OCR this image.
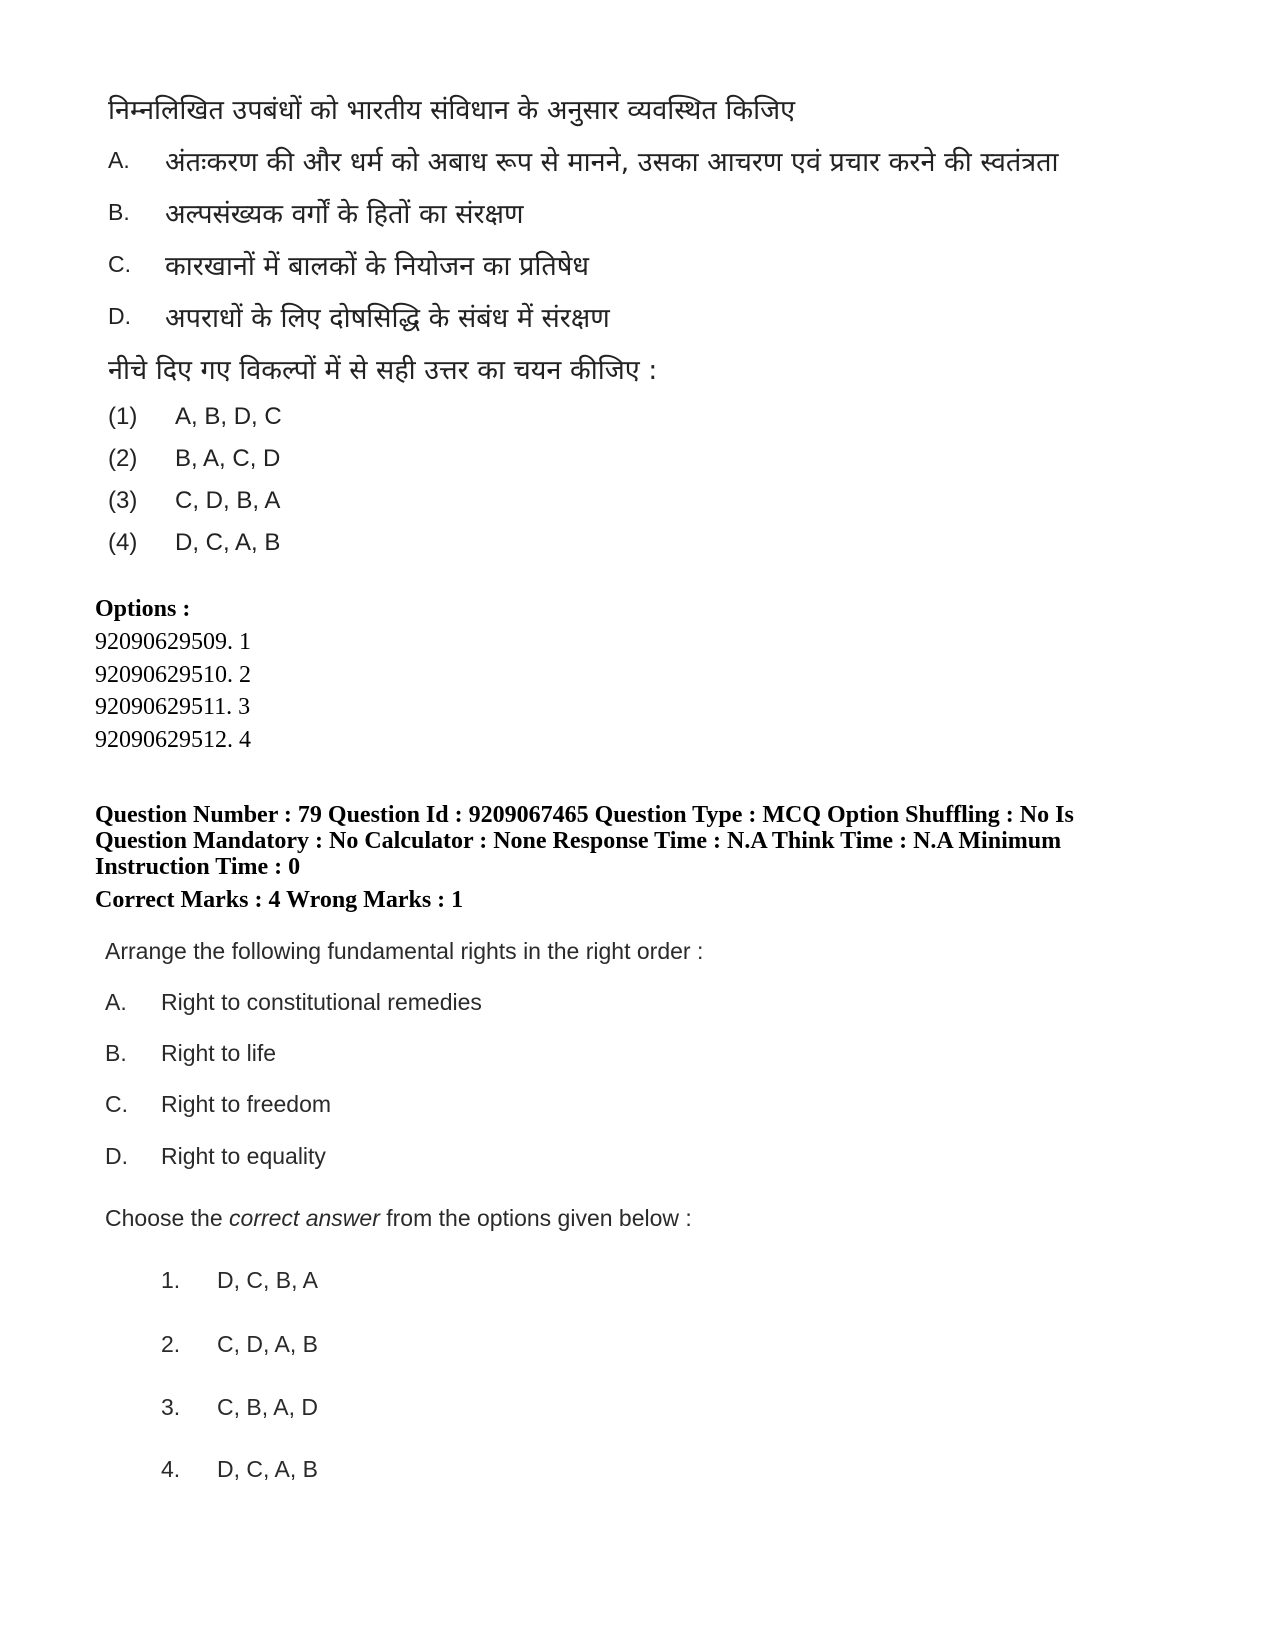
निम्नलिखित उपबंधों को भारतीय संविधान के अनुसार व्यवस्थित किजिए
A. अंतःकरण की और धर्म को अबाध रूप से मानने, उसका आचरण एवं प्रचार करने की स्वतंत्रता
B. अल्पसंख्यक वर्गों के हितों का संरक्षण
C. कारखानों में बालकों के नियोजन का प्रतिषेध
D. अपराधों के लिए दोषसिद्धि के संबंध में संरक्षण
नीचे दिए गए विकल्पों में से सही उत्तर का चयन कीजिए :
(1) A, B, D, C
(2) B, A, C, D
(3) C, D, B, A
(4) D, C, A, B
Options :
92090629509. 1
92090629510. 2
92090629511. 3
92090629512. 4
Question Number : 79 Question Id : 9209067465 Question Type : MCQ Option Shuffling : No Is
Question Mandatory : No Calculator : None Response Time : N.A Think Time : N.A Minimum
Instruction Time : 0
Correct Marks : 4 Wrong Marks : 1
Arrange the following fundamental rights in the right order :
A. Right to constitutional remedies
B. Right to life
C. Right to freedom
D. Right to equality
Choose the correct answer from the options given below :
1. D, C, B, A
2. C, D, A, B
3. C, B, A, D
4. D, C, A, B
